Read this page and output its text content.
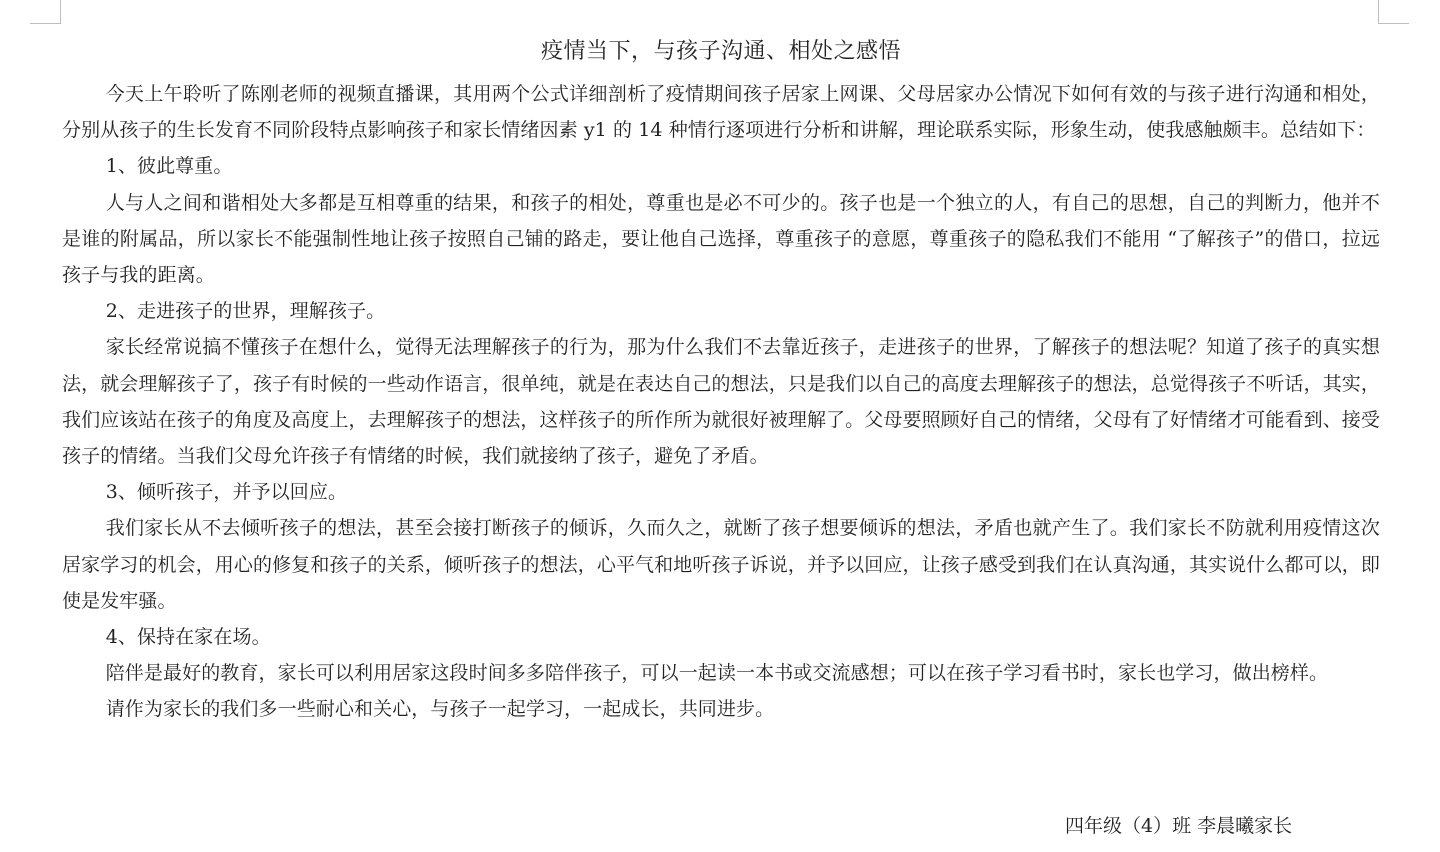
疫情当下，与孩子沟通、相处之感悟

今天上午聆听了陈刚老师的视频直播课，其用两个公式详细剖析了疫情期间孩子居家上网课、父母居家办公情况下如何有效的与孩子进行沟通和相处，分别从孩子的生长发育不同阶段特点影响孩子和家长情绪因素 y1 的 14 种情行逐项进行分析和讲解，理论联系实际，形象生动，使我感触颇丰。总结如下：

1、彼此尊重。

人与人之间和谐相处大多都是互相尊重的结果，和孩子的相处，尊重也是必不可少的。孩子也是一个独立的人，有自己的思想，自己的判断力，他并不是谁的附属品，所以家长不能强制性地让孩子按照自己铺的路走，要让他自己选择，尊重孩子的意愿，尊重孩子的隐私我们不能用 “了解孩子”的借口，拉远孩子与我的距离。

2、走进孩子的世界，理解孩子。

家长经常说搞不懂孩子在想什么，觉得无法理解孩子的行为，那为什么我们不去靠近孩子，走进孩子的世界，了解孩子的想法呢？知道了孩子的真实想法，就会理解孩子了，孩子有时候的一些动作语言，很单纯，就是在表达自己的想法，只是我们以自己的高度去理解孩子的想法，总觉得孩子不听话，其实，我们应该站在孩子的角度及高度上，去理解孩子的想法，这样孩子的所作所为就很好被理解了。父母要照顾好自己的情绪，父母有了好情绪才可能看到、接受孩子的情绪。当我们父母允许孩子有情绪的时候，我们就接纳了孩子，避免了矛盾。

3、倾听孩子，并予以回应。

我们家长从不去倾听孩子的想法，甚至会接打断孩子的倾诉，久而久之，就断了孩子想要倾诉的想法，矛盾也就产生了。我们家长不防就利用疫情这次居家学习的机会，用心的修复和孩子的关系，倾听孩子的想法，心平气和地听孩子诉说，并予以回应，让孩子感受到我们在认真沟通，其实说什么都可以，即使是发牢骚。

4、保持在家在场。

陪伴是最好的教育，家长可以利用居家这段时间多多陪伴孩子，可以一起读一本书或交流感想；可以在孩子学习看书时，家长也学习，做出榜样。

请作为家长的我们多一些耐心和关心，与孩子一起学习，一起成长，共同进步。

四年级（4）班 李晨曦家长
